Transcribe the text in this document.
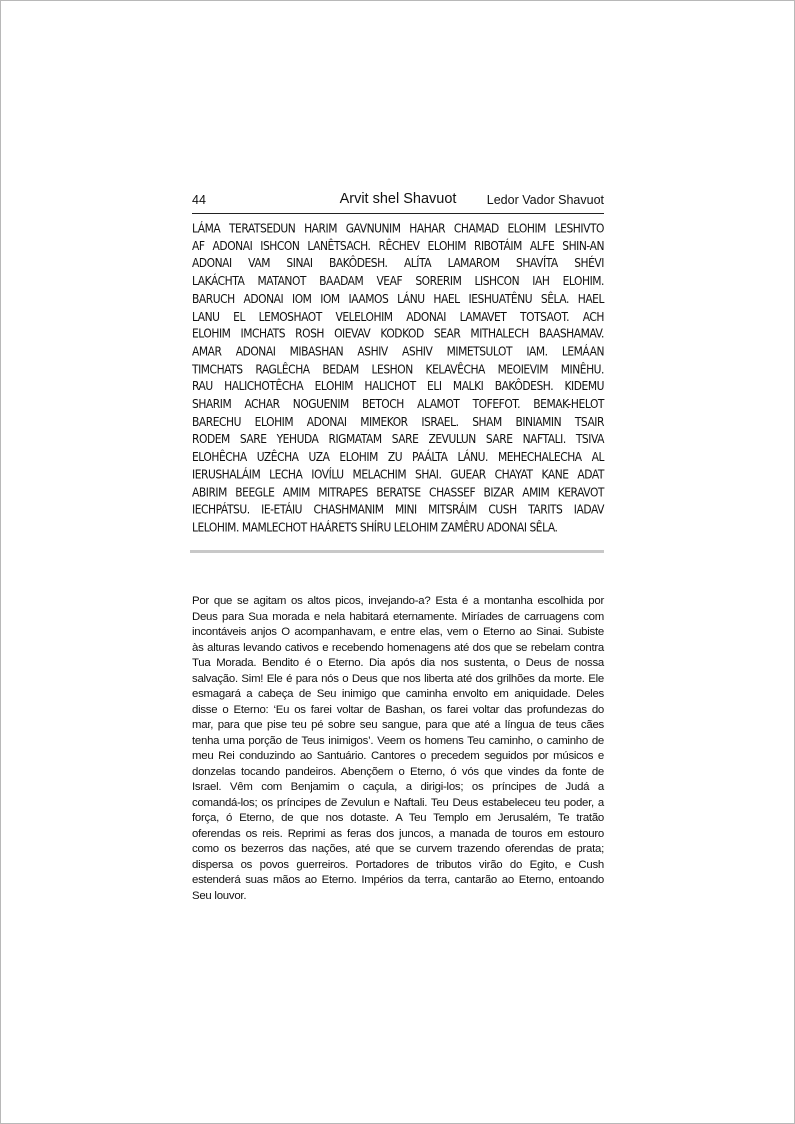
44	Arvit shel Shavuot	Ledor Vador Shavuot
LÁMA TERATSEDUN HARIM GAVNUNIM HAHAR CHAMAD ELOHIM LESHIVTO
AF ADONAI ISHCON LANÊTSACH. RÊCHEV ELOHIM RIBOTÁIM ALFE SHIN-AN
ADONAI VAM SINAI BAKÔDESH. ALÍTA LAMAROM SHAVÍTA SHÉVI
LAKÁCHTA MATANOT BAADAM VEAF SORERIM LISHCON IAH ELOHIM.
BARUCH ADONAI IOM IOM IAAMOS LÁNU HAEL IESHUATÊNU SÊLA. HAEL
LANU EL LEMOSHAOT VELELOHIM ADONAI LAMAVET TOTSAOT. ACH
ELOHIM IMCHATS ROSH OIEVAV KODKOD SEAR MITHALECH BAASHAMAV.
AMAR ADONAI MIBASHAN ASHIV ASHIV MIMETSULOT IAM. LEMÁAN
TIMCHATS RAGLÊCHA BEDAM LESHON KELAVÊCHA MEOIEVIM MINÊHU.
RAU HALICHOTÊCHA ELOHIM HALICHOT ELI MALKI BAKÔDESH. KIDEMU
SHARIM ACHAR NOGUENIM BETOCH ALAMOT TOFEFOT. BEMAK-HELOT
BARECHU ELOHIM ADONAI MIMEKOR ISRAEL. SHAM BINIAMIN TSAIR
RODEM SARE YEHUDA RIGMATAM SARE ZEVULUN SARE NAFTALI. TSIVA
ELOHÊCHA UZÊCHA UZA ELOHIM ZU PAÁLTA LÁNU. MEHECHALECHA AL
IERUSHALÁIM LECHA IOVÍLU MELACHIM SHAI. GUEAR CHAYAT KANE ADAT
ABIRIM BEEGLE AMIM MITRAPES BERATSE CHASSEF BIZAR AMIM KERAVOT
IECHPÁTSU. IE-ETÁIU CHASHMANIM MINI MITSRÁIM CUSH TARITS IADAV
LELOHIM. MAMLECHOT HAÁRETS SHÍRU LELOHIM ZAMÊRU ADONAI SÊLA.
Por que se agitam os altos picos, invejando-a? Esta é a montanha escolhida por
Deus para Sua morada e nela habitará eternamente. Miríades de carruagens com
incontáveis anjos O acompanhavam, e entre elas, vem o Eterno ao Sinai. Subiste
às alturas levando cativos e recebendo homenagens até dos que se rebelam contra
Tua Morada. Bendito é o Eterno. Dia após dia nos sustenta, o Deus de nossa
salvação. Sim! Ele é para nós o Deus que nos liberta até dos grilhões da morte. Ele
esmagará a cabeça de Seu inimigo que caminha envolto em aniquidade. Deles
disse o Eterno: ‘Eu os farei voltar de Bashan, os farei voltar das profundezas do
mar, para que pise teu pé sobre seu sangue, para que até a língua de teus cães
tenha uma porção de Teus inimigos’. Veem os homens Teu caminho, o caminho de
meu Rei conduzindo ao Santuário. Cantores o precedem seguidos por músicos e
donzelas tocando pandeiros. Abençõem o Eterno, ó vós que vindes da fonte de
Israel. Vêm com Benjamim o caçula, a dirigi-los; os príncipes de Judá a
comandá-los; os príncipes de Zevulun e Naftali. Teu Deus estabeleceu teu poder, a
força, ó Eterno, de que nos dotaste. A Teu Templo em Jerusalém, Te tratão
oferendas os reis. Reprimi as feras dos juncos, a manada de touros em estouro
como os bezerros das nações, até que se curvem trazendo oferendas de prata;
dispersa os povos guerreiros. Portadores de tributos virão do Egito, e Cush
estenderá suas mãos ao Eterno. Impérios da terra, cantarão ao Eterno, entoando
Seu louvor.
